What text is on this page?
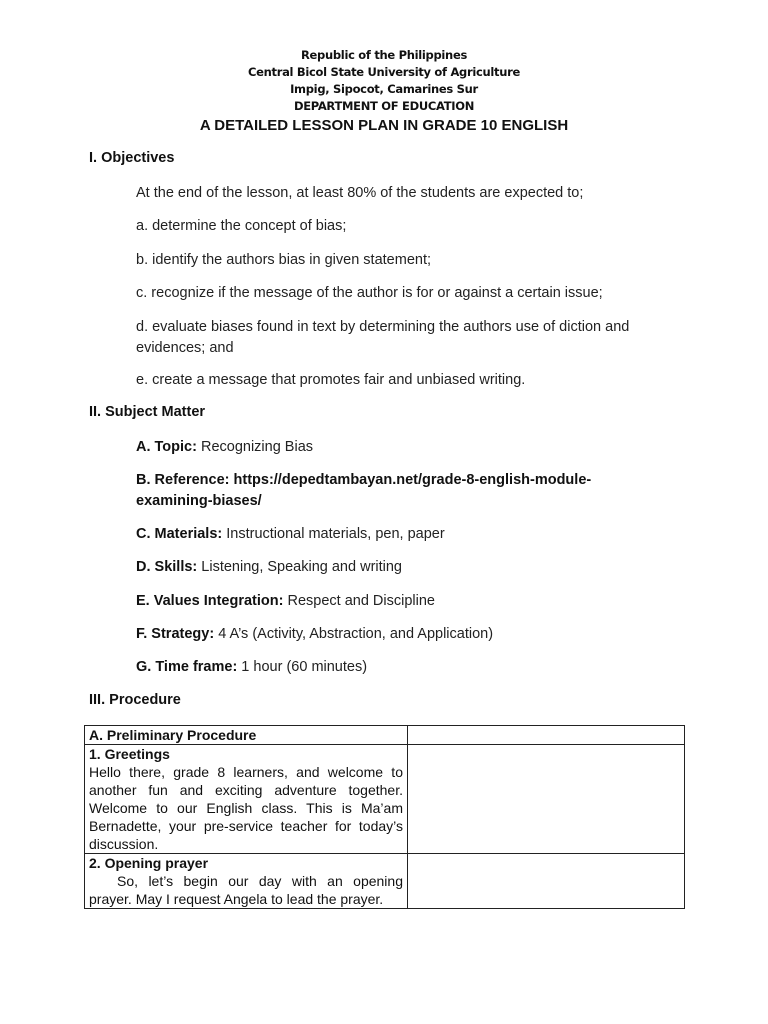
Republic of the Philippines
Central Bicol State University of Agriculture
Impig, Sipocot, Camarines Sur
DEPARTMENT OF EDUCATION
A DETAILED LESSON PLAN IN GRADE 10 ENGLISH
I. Objectives
At the end of the lesson, at least 80% of the students are expected to;
a. determine the concept of bias;
b. identify the authors bias in given statement;
c. recognize if the message of the author is for or against a certain issue;
d. evaluate biases found in text by determining the authors use of diction and evidences; and
e. create a message that promotes fair and unbiased writing.
II. Subject Matter
A. Topic: Recognizing Bias
B. Reference: https://depedtambayan.net/grade-8-english-module-examining-biases/
C. Materials: Instructional materials, pen, paper
D. Skills: Listening, Speaking and writing
E. Values Integration: Respect and Discipline
F. Strategy: 4 A’s (Activity, Abstraction, and Application)
G. Time frame: 1 hour (60 minutes)
III. Procedure
A. Preliminary Procedure	

1. Greetings
Hello there, grade 8 learners, and welcome to another fun and exciting adventure together. Welcome to our English class. This is Ma’am Bernadette, your pre-service teacher for today’s discussion.	

2. Opening prayer
So, let’s begin our day with an opening prayer. May I request Angela to lead the prayer.	
